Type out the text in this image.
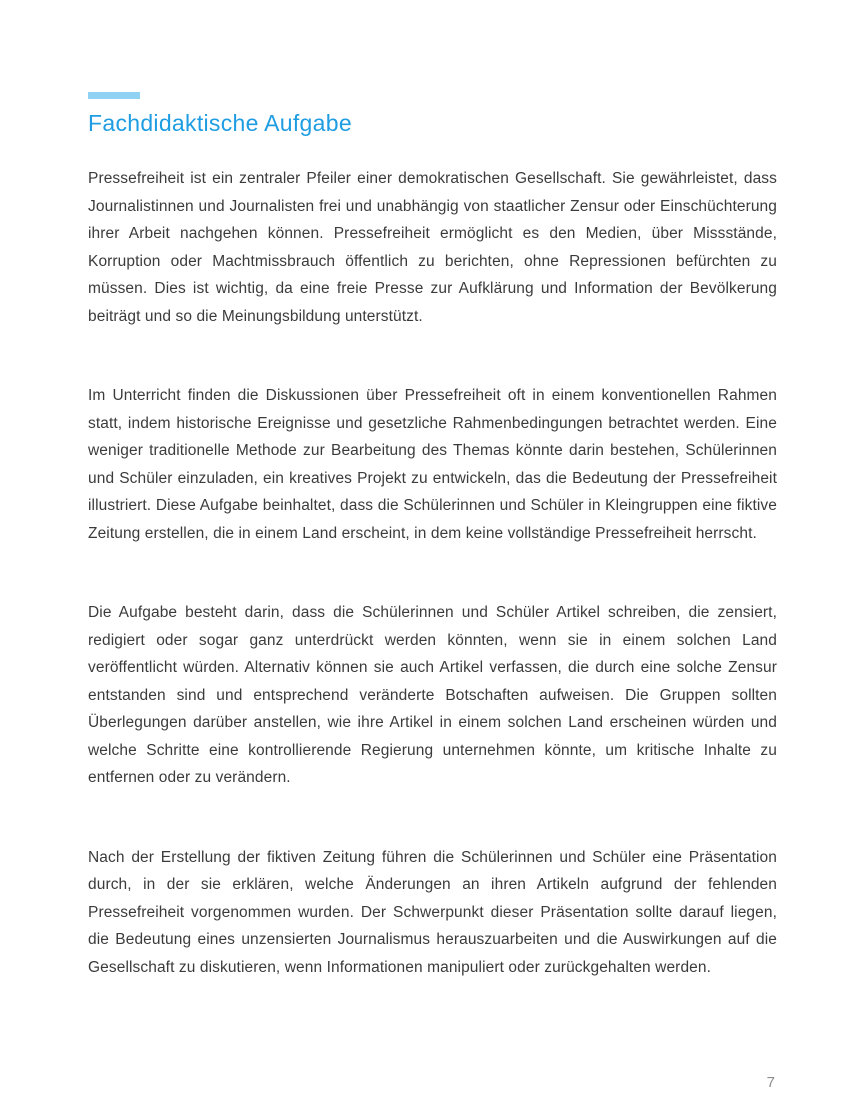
Fachdidaktische Aufgabe

Pressefreiheit ist ein zentraler Pfeiler einer demokratischen Gesellschaft. Sie gewährleistet, dass Journalistinnen und Journalisten frei und unabhängig von staatlicher Zensur oder Einschüchterung ihrer Arbeit nachgehen können. Pressefreiheit ermöglicht es den Medien, über Missstände, Korruption oder Machtmissbrauch öffentlich zu berichten, ohne Repressionen befürchten zu müssen. Dies ist wichtig, da eine freie Presse zur Aufklärung und Information der Bevölkerung beiträgt und so die Meinungsbildung unterstützt.

Im Unterricht finden die Diskussionen über Pressefreiheit oft in einem konventionellen Rahmen statt, indem historische Ereignisse und gesetzliche Rahmenbedingungen betrachtet werden. Eine weniger traditionelle Methode zur Bearbeitung des Themas könnte darin bestehen, Schülerinnen und Schüler einzuladen, ein kreatives Projekt zu entwickeln, das die Bedeutung der Pressefreiheit illustriert. Diese Aufgabe beinhaltet, dass die Schülerinnen und Schüler in Kleingruppen eine fiktive Zeitung erstellen, die in einem Land erscheint, in dem keine vollständige Pressefreiheit herrscht.

Die Aufgabe besteht darin, dass die Schülerinnen und Schüler Artikel schreiben, die zensiert, redigiert oder sogar ganz unterdrückt werden könnten, wenn sie in einem solchen Land veröffentlicht würden. Alternativ können sie auch Artikel verfassen, die durch eine solche Zensur entstanden sind und entsprechend veränderte Botschaften aufweisen. Die Gruppen sollten Überlegungen darüber anstellen, wie ihre Artikel in einem solchen Land erscheinen würden und welche Schritte eine kontrollierende Regierung unternehmen könnte, um kritische Inhalte zu entfernen oder zu verändern.

Nach der Erstellung der fiktiven Zeitung führen die Schülerinnen und Schüler eine Präsentation durch, in der sie erklären, welche Änderungen an ihren Artikeln aufgrund der fehlenden Pressefreiheit vorgenommen wurden. Der Schwerpunkt dieser Präsentation sollte darauf liegen, die Bedeutung eines unzensierten Journalismus herauszuarbeiten und die Auswirkungen auf die Gesellschaft zu diskutieren, wenn Informationen manipuliert oder zurückgehalten werden.

7
